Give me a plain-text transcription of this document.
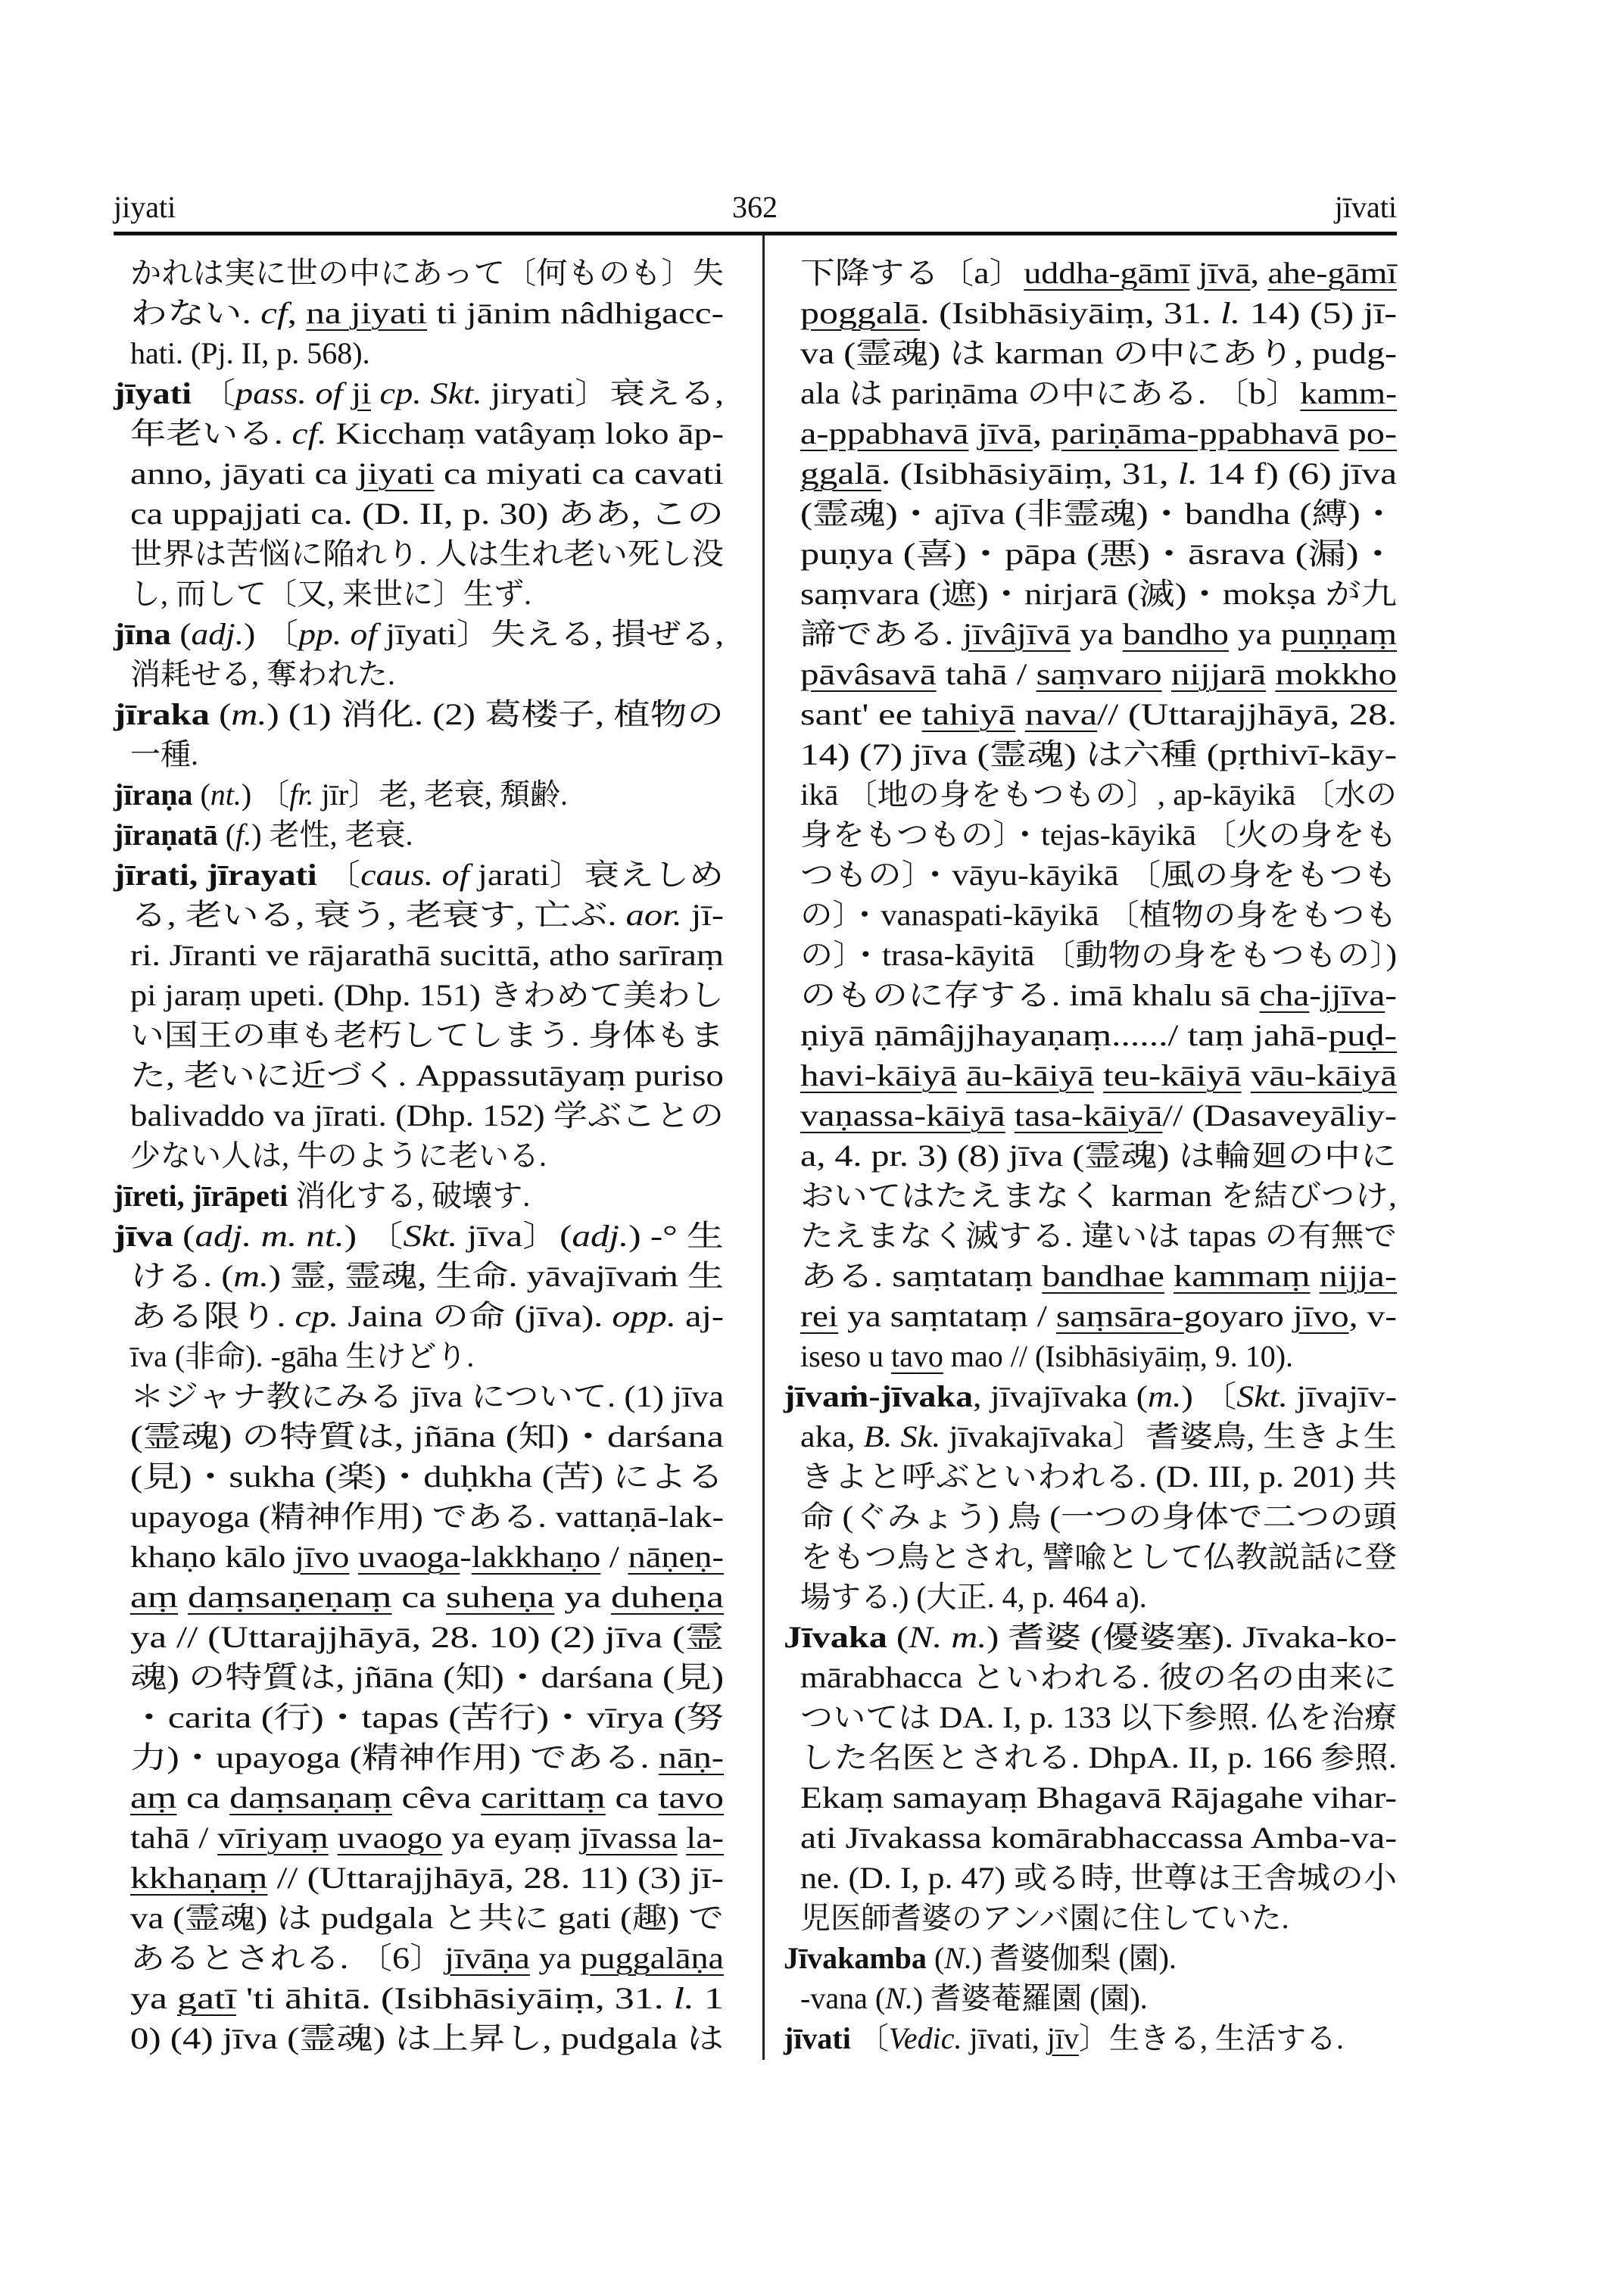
jiyati	362	jīvati
かれは実に世の中にあって〔何ものも〕失
わない. cf, na jiyati ti jānim nâdhigacc-
hati. (Pj. II, p. 568).
jīyati 〔pass. of ji cp. Skt. jiryati〕衰える,
年老いる. cf. Kicchaṃ vatâyaṃ loko āp-
anno, jāyati ca jiyati ca miyati ca cavati
ca uppajjati ca. (D. II, p. 30) ああ, この
世界は苦悩に陥れり. 人は生れ老い死し没
し, 而して〔又, 来世に〕生ず.
jīna (adj.) 〔pp. of jīyati〕失える, 損ぜる,
消耗せる, 奪われた.
jīraka (m.) (1) 消化. (2) 葛楼子, 植物の
一種.
jīraṇa (nt.) 〔fr. jīr〕老, 老衰, 頽齢.
jīraṇatā (f.) 老性, 老衰.
jīrati, jīrayati 〔caus. of jarati〕衰えしめ
る, 老いる, 衰う, 老衰す, 亡ぶ. aor. jī-
ri. Jīranti ve rājarathā sucittā, atho sarīraṃ
pi jaraṃ upeti. (Dhp. 151) きわめて美わし
い国王の車も老朽してしまう. 身体もま
た, 老いに近づく. Appassutāyaṃ puriso
balivaddo va jīrati. (Dhp. 152) 学ぶことの
少ない人は, 牛のように老いる.
jīreti, jīrāpeti 消化する, 破壊す.
jīva (adj. m. nt.) 〔Skt. jīva〕(adj.) -° 生
ける. (m.) 霊, 霊魂, 生命. yāvajīvaṁ 生
ある限り. cp. Jaina の命 (jīva). opp. aj-
īva (非命). -gāha 生けどり.
＊ジャナ教にみる jīva について. (1) jīva
(霊魂) の特質は, jñāna (知)・darśana
(見)・sukha (楽)・duḥkha (苦) による
upayoga (精神作用) である. vattaṇā-lak-
khaṇo kālo jīvo uvaoga-lakkhaṇo / nāṇeṇ-
aṃ daṃsaṇeṇaṃ ca suheṇa ya duheṇa
ya // (Uttarajjhāyā, 28. 10) (2) jīva (霊
魂) の特質は, jñāna (知)・darśana (見)
・carita (行)・tapas (苦行)・vīrya (努
力)・upayoga (精神作用) である. nāṇ-
aṃ ca daṃsaṇaṃ cêva carittaṃ ca tavo
tahā / vīriyaṃ uvaogo ya eyaṃ jīvassa la-
kkhaṇaṃ // (Uttarajjhāyā, 28. 11) (3) jī-
va (霊魂) は pudgala と共に gati (趣) で
あるとされる. 〔6〕jīvāṇa ya puggalāṇa
ya gatī 'ti āhitā. (Isibhāsiyāiṃ, 31. l. 1
0) (4) jīva (霊魂) は上昇し, pudgala は
下降する〔a〕uddha-gāmī jīvā, ahe-gāmī
poggalā. (Isibhāsiyāiṃ, 31. l. 14) (5) jī-
va (霊魂) は karman の中にあり, pudg-
ala は pariṇāma の中にある. 〔b〕kamm-
a-ppabhavā jīvā, pariṇāma-ppabhavā po-
ggalā. (Isibhāsiyāiṃ, 31, l. 14 f) (6) jīva
(霊魂)・ajīva (非霊魂)・bandha (縛)・
puṇya (喜)・pāpa (悪)・āsrava (漏)・
saṃvara (遮)・nirjarā (滅)・mokṣa が九
諦である. jīvâjīvā ya bandho ya puṇṇaṃ
pāvâsavā tahā / saṃvaro nijjarā mokkho
sant' ee tahiyā nava// (Uttarajjhāyā, 28.
14) (7) jīva (霊魂) は六種 (pṛthivī-kāy-
ikā 〔地の身をもつもの〕, ap-kāyikā 〔水の
身をもつもの〕・tejas-kāyikā 〔火の身をも
つもの〕・vāyu-kāyikā 〔風の身をもつも
の〕・vanaspati-kāyikā 〔植物の身をもつも
の〕・trasa-kāyitā 〔動物の身をもつもの〕)
のものに存する. imā khalu sā cha-jjīva-
ṇiyā ṇāmâjjhayaṇaṃ....../ taṃ jahā-puḍ-
havi-kāiyā āu-kāiyā teu-kāiyā vāu-kāiyā
vaṇassa-kāiyā tasa-kāiyā// (Dasaveyāliy-
a, 4. pr. 3) (8) jīva (霊魂) は輪廻の中に
おいてはたえまなく karman を結びつけ,
たえまなく滅する. 違いは tapas の有無で
ある. saṃtataṃ bandhae kammaṃ nijja-
rei ya saṃtataṃ / saṃsāra-goyaro jīvo, v-
iseso u tavo mao // (Isibhāsiyāiṃ, 9. 10).
jīvaṁ-jīvaka, jīvajīvaka (m.) 〔Skt. jīvajīv-
aka, B. Sk. jīvakajīvaka〕耆婆鳥, 生きよ生
きよと呼ぶといわれる. (D. III, p. 201) 共
命 (ぐみょう) 鳥 (一つの身体で二つの頭
をもつ鳥とされ, 譬喩として仏教説話に登
場する.) (大正. 4, p. 464 a).
Jīvaka (N. m.) 耆婆 (優婆塞). Jīvaka-ko-
mārabhacca といわれる. 彼の名の由来に
ついては DA. I, p. 133 以下参照. 仏を治療
した名医とされる. DhpA. II, p. 166 参照.
Ekaṃ samayaṃ Bhagavā Rājagahe vihar-
ati Jīvakassa komārabhaccassa Amba-va-
ne. (D. I, p. 47) 或る時, 世尊は王舎城の小
児医師耆婆のアンバ園に住していた.
Jīvakamba (N.) 耆婆伽梨 (園).
-vana (N.) 耆婆菴羅園 (園).
jīvati 〔Vedic. jīvati, jīv〕生きる, 生活する.
